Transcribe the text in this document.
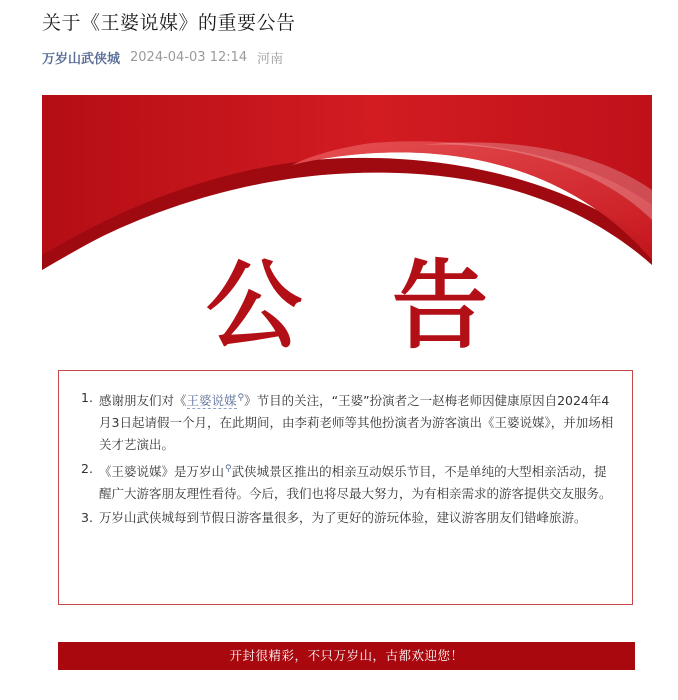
关于《王婆说媒》的重要公告
万岁山武侠城 2024-04-03 12:14 河南
公告
1. 感谢朋友们对《王婆说媒⚲》节目的关注，“王婆”扮演者之一赵梅老师因健康原因自2024年4月3日起请假一个月，在此期间，由李莉老师等其他扮演者为游客演出《王婆说媒》，并加场相关才艺演出。
2. 《王婆说媒》是万岁山⚲武侠城景区推出的相亲互动娱乐节目，不是单纯的大型相亲活动，提醒广大游客朋友理性看待。今后，我们也将尽最大努力，为有相亲需求的游客提供交友服务。
3. 万岁山武侠城每到节假日游客量很多，为了更好的游玩体验，建议游客朋友们错峰旅游。
开封很精彩，不只万岁山，古都欢迎您！
